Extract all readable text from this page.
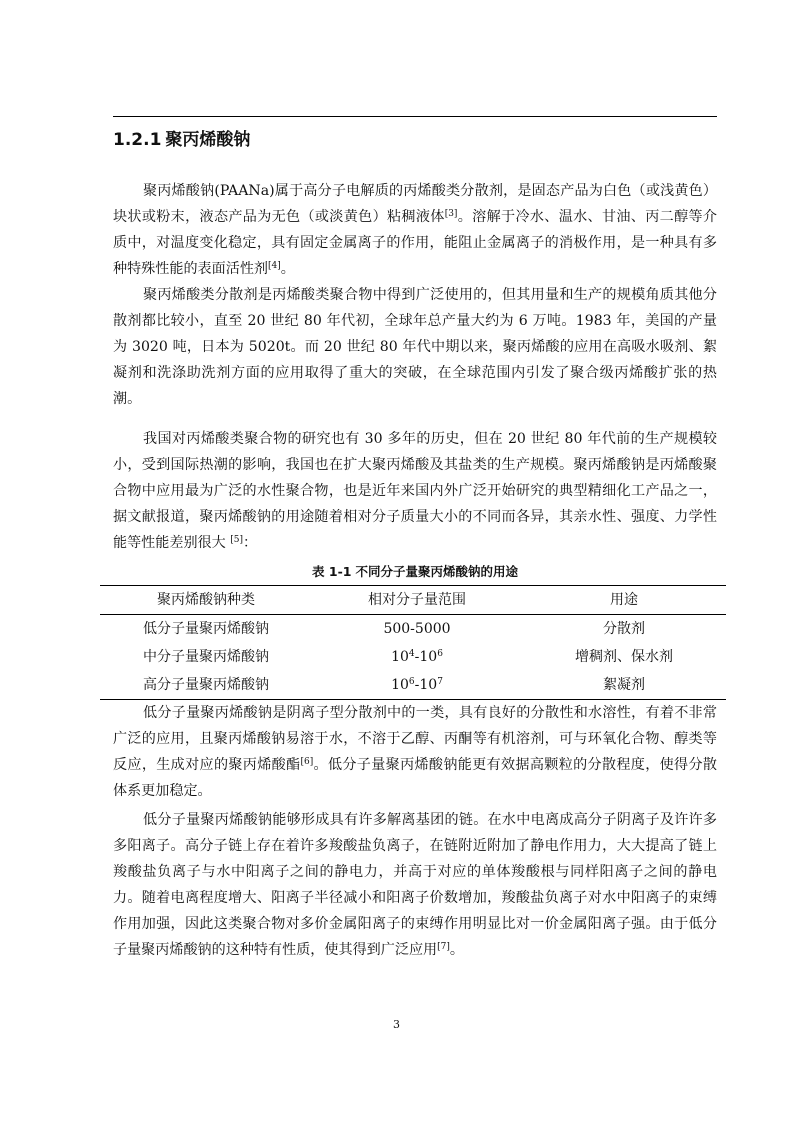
1.2.1 聚丙烯酸钠

聚丙烯酸钠(PAANa)属于高分子电解质的丙烯酸类分散剂，是固态产品为白色（或浅黄色）块状或粉末，液态产品为无色（或淡黄色）粘稠液体[3]。溶解于冷水、温水、甘油、丙二醇等介质中，对温度变化稳定，具有固定金属离子的作用，能阻止金属离子的消极作用，是一种具有多种特殊性能的表面活性剂[4]。

聚丙烯酸类分散剂是丙烯酸类聚合物中得到广泛使用的，但其用量和生产的规模角质其他分散剂都比较小，直至 20 世纪 80 年代初，全球年总产量大约为 6 万吨。1983 年，美国的产量为 3020 吨，日本为 5020t。而 20 世纪 80 年代中期以来，聚丙烯酸的应用在高吸水吸剂、絮凝剂和洗涤助洗剂方面的应用取得了重大的突破，在全球范围内引发了聚合级丙烯酸扩张的热潮。

我国对丙烯酸类聚合物的研究也有 30 多年的历史，但在 20 世纪 80 年代前的生产规模较小，受到国际热潮的影响，我国也在扩大聚丙烯酸及其盐类的生产规模。聚丙烯酸钠是丙烯酸聚合物中应用最为广泛的水性聚合物，也是近年来国内外广泛开始研究的典型精细化工产品之一，据文献报道，聚丙烯酸钠的用途随着相对分子质量大小的不同而各异，其亲水性、强度、力学性能等性能差别很大 [5]：

表 1-1 不同分子量聚丙烯酸钠的用途
聚丙烯酸钠种类	相对分子量范围	用途
低分子量聚丙烯酸钠	500-5000	分散剂
中分子量聚丙烯酸钠	$10^4-10^6$	增稠剂、保水剂
高分子量聚丙烯酸钠	$10^6-10^7$	絮凝剂

低分子量聚丙烯酸钠是阴离子型分散剂中的一类，具有良好的分散性和水溶性，有着不非常广泛的应用，且聚丙烯酸钠易溶于水，不溶于乙醇、丙酮等有机溶剂，可与环氧化合物、醇类等反应，生成对应的聚丙烯酸酯[6]。低分子量聚丙烯酸钠能更有效据高颗粒的分散程度，使得分散体系更加稳定。

低分子量聚丙烯酸钠能够形成具有许多解离基团的链。在水中电离成高分子阴离子及许许多多阳离子。高分子链上存在着许多羧酸盐负离子，在链附近附加了静电作用力，大大提高了链上羧酸盐负离子与水中阳离子之间的静电力，并高于对应的单体羧酸根与同样阳离子之间的静电力。随着电离程度增大、阳离子半径减小和阳离子价数增加，羧酸盐负离子对水中阳离子的束缚作用加强，因此这类聚合物对多价金属阳离子的束缚作用明显比对一价金属阳离子强。由于低分子量聚丙烯酸钠的这种特有性质，使其得到广泛应用[7]。

3
